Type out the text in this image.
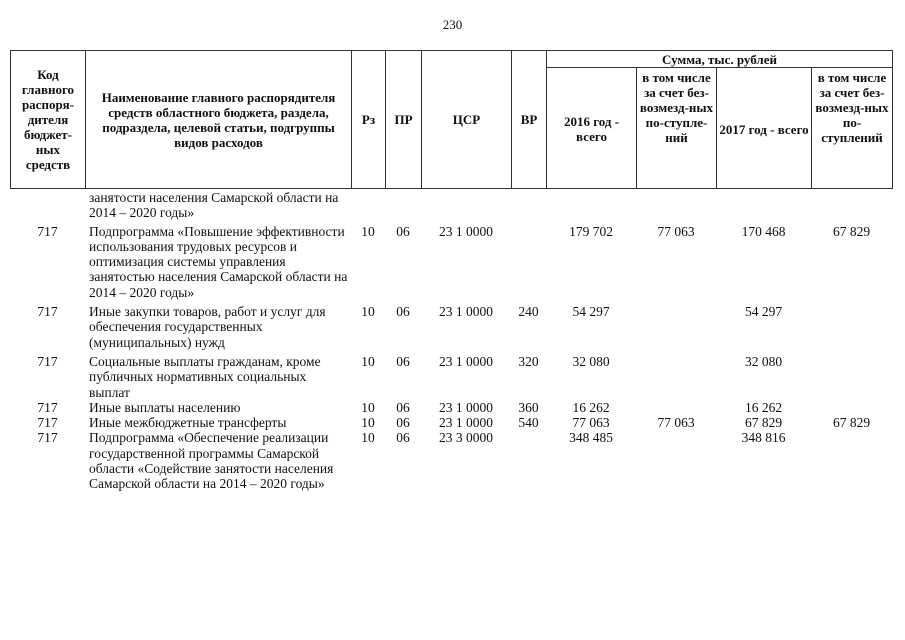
230
Код главного распоря-дителя бюджет-ных средств	Наименование главного распорядителя средств областного бюджета, раздела, подраздела, целевой статьи, подгруппы видов расходов	Рз	ПР	ЦСР	ВР	Сумма, тыс. рублей			
						2016 год - всего	в том числе за счет без-возмезд-ных по-ступле-ний	2017 год - всего	в том числе за счет без-возмезд-ных по-ступлений
	занятости населения Самарской области на 2014 – 2020 годы»								
717	Подпрограмма «Повышение эффективности использования трудовых ресурсов и оптимизация системы управления занятостью населения Самарской области на 2014 – 2020 годы»	10	06	23 1 0000		179 702	77 063	170 468	67 829
717	Иные закупки товаров, работ и услуг для обеспечения государственных (муниципальных) нужд	10	06	23 1 0000	240	54 297		54 297	
717	Социальные выплаты гражданам, кроме публичных нормативных социальных выплат	10	06	23 1 0000	320	32 080		32 080	
717	Иные выплаты населению	10	06	23 1 0000	360	16 262		16 262	
717	Иные межбюджетные трансферты	10	06	23 1 0000	540	77 063	77 063	67 829	67 829
717	Подпрограмма «Обеспечение реализации государственной программы Самарской области «Содействие занятости населения Самарской области на 2014 – 2020 годы»	10	06	23 3 0000		348 485		348 816	
